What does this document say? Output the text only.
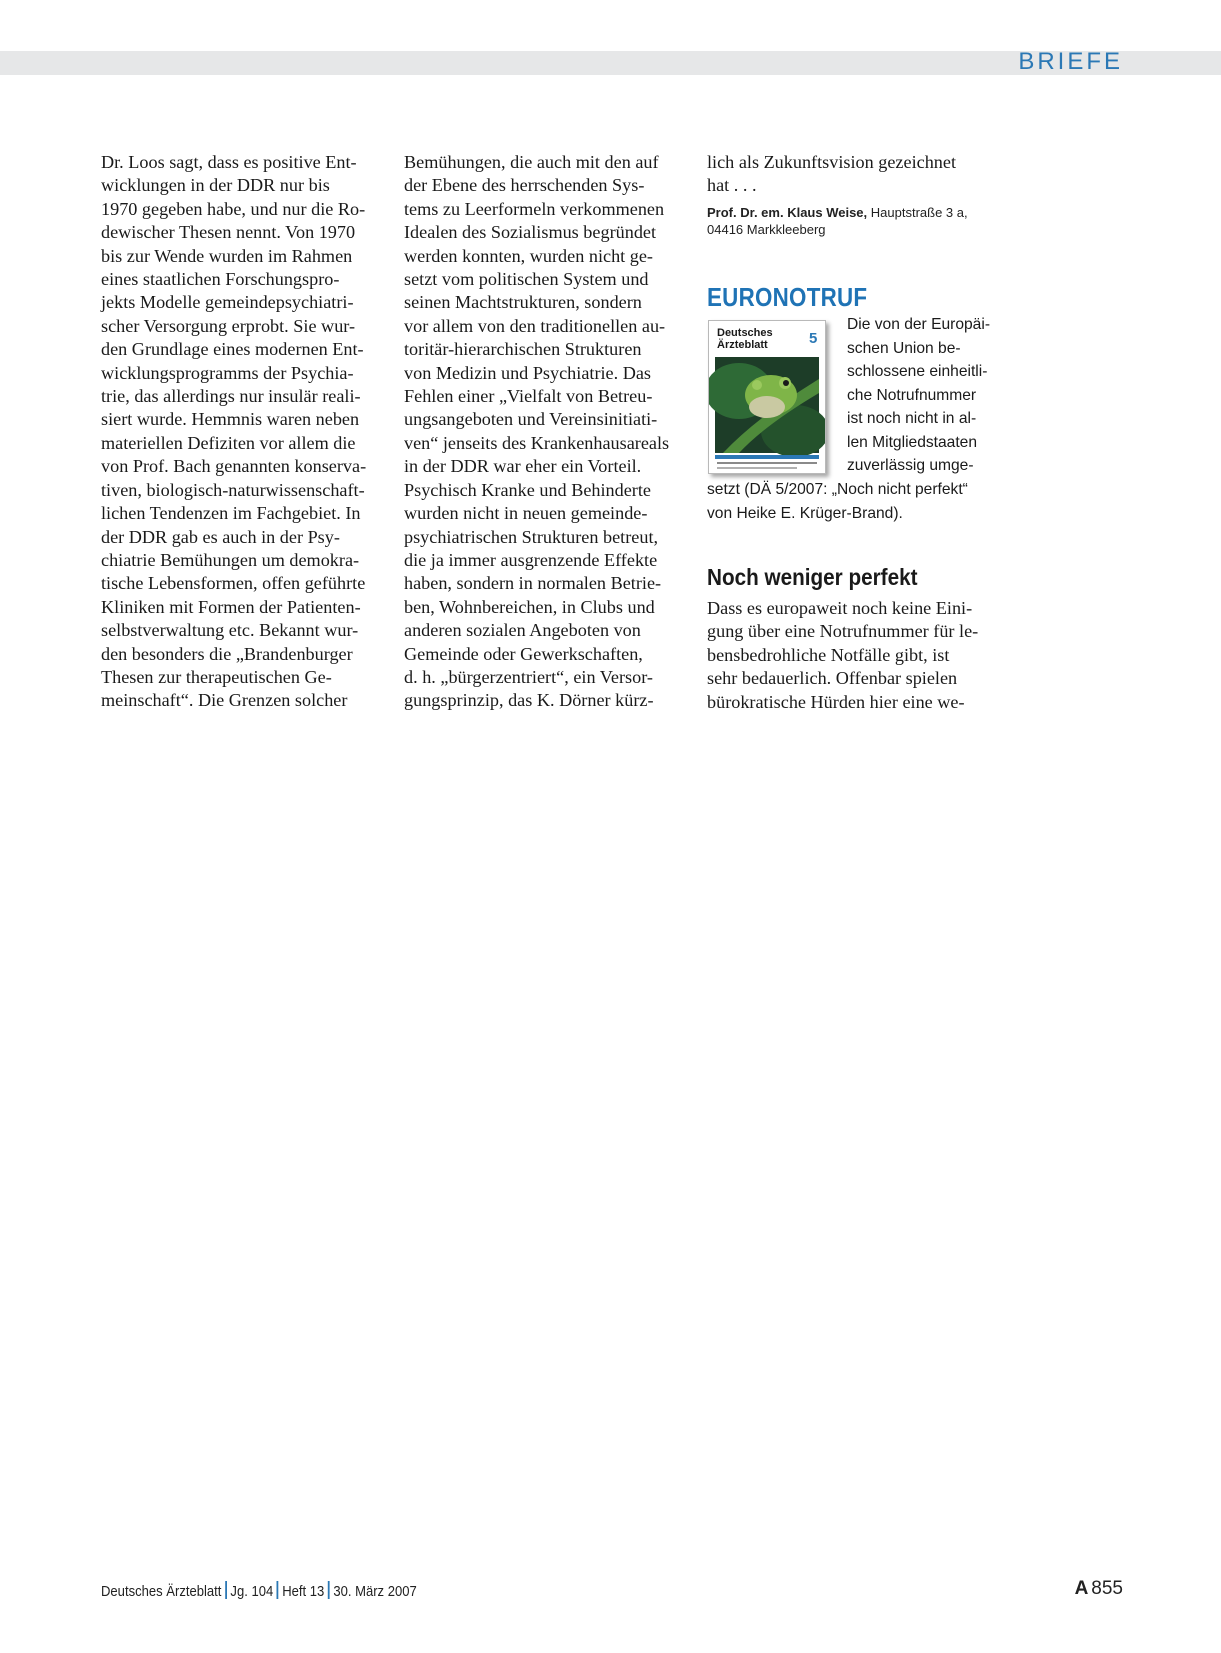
BRIEFE
Dr. Loos sagt, dass es positive Ent-
wicklungen in der DDR nur bis
1970 gegeben habe, und nur die Ro-
dewischer Thesen nennt. Von 1970
bis zur Wende wurden im Rahmen
eines staatlichen Forschungspro-
jekts Modelle gemeindepsychiatri-
scher Versorgung erprobt. Sie wur-
den Grundlage eines modernen Ent-
wicklungsprogramms der Psychia-
trie, das allerdings nur insulär reali-
siert wurde. Hemmnis waren neben
materiellen Defiziten vor allem die
von Prof. Bach genannten konserva-
tiven, biologisch-naturwissenschaft-
lichen Tendenzen im Fachgebiet. In
der DDR gab es auch in der Psy-
chiatrie Bemühungen um demokra-
tische Lebensformen, offen geführte
Kliniken mit Formen der Patienten-
selbstverwaltung etc. Bekannt wur-
den besonders die „Brandenburger
Thesen zur therapeutischen Ge-
meinschaft“. Die Grenzen solcher
Bemühungen, die auch mit den auf
der Ebene des herrschenden Sys-
tems zu Leerformeln verkommenen
Idealen des Sozialismus begründet
werden konnten, wurden nicht ge-
setzt vom politischen System und
seinen Machtstrukturen, sondern
vor allem von den traditionellen au-
toritär-hierarchischen Strukturen
von Medizin und Psychiatrie. Das
Fehlen einer „Vielfalt von Betreu-
ungsangeboten und Vereinsinitiati-
ven“ jenseits des Krankenhausareals
in der DDR war eher ein Vorteil.
Psychisch Kranke und Behinderte
wurden nicht in neuen gemeinde-
psychiatrischen Strukturen betreut,
die ja immer ausgrenzende Effekte
haben, sondern in normalen Betrie-
ben, Wohnbereichen, in Clubs und
anderen sozialen Angeboten von
Gemeinde oder Gewerkschaften,
d. h. „bürgerzentriert“, ein Versor-
gungsprinzip, das K. Dörner kürz-
lich als Zukunftsvision gezeichnet
hat . . .
Prof. Dr. em. Klaus Weise, Hauptstraße 3 a,
04416 Markkleeberg
EURONOTRUF
Deutsches
Ärzteblatt	5
Die von der Europäi-
schen Union be-
schlossene einheitli-
che Notrufnummer
ist noch nicht in al-
len Mitgliedstaaten
zuverlässig umge-
setzt (DÄ 5/2007: „Noch nicht perfekt“
von Heike E. Krüger-Brand).
Noch weniger perfekt
Dass es europaweit noch keine Eini-
gung über eine Notrufnummer für le-
bensbedrohliche Notfälle gibt, ist
sehr bedauerlich. Offenbar spielen
bürokratische Hürden hier eine we-
Deutsches Ärzteblatt Jg. 104 Heft 13 30. März 2007	A 855
